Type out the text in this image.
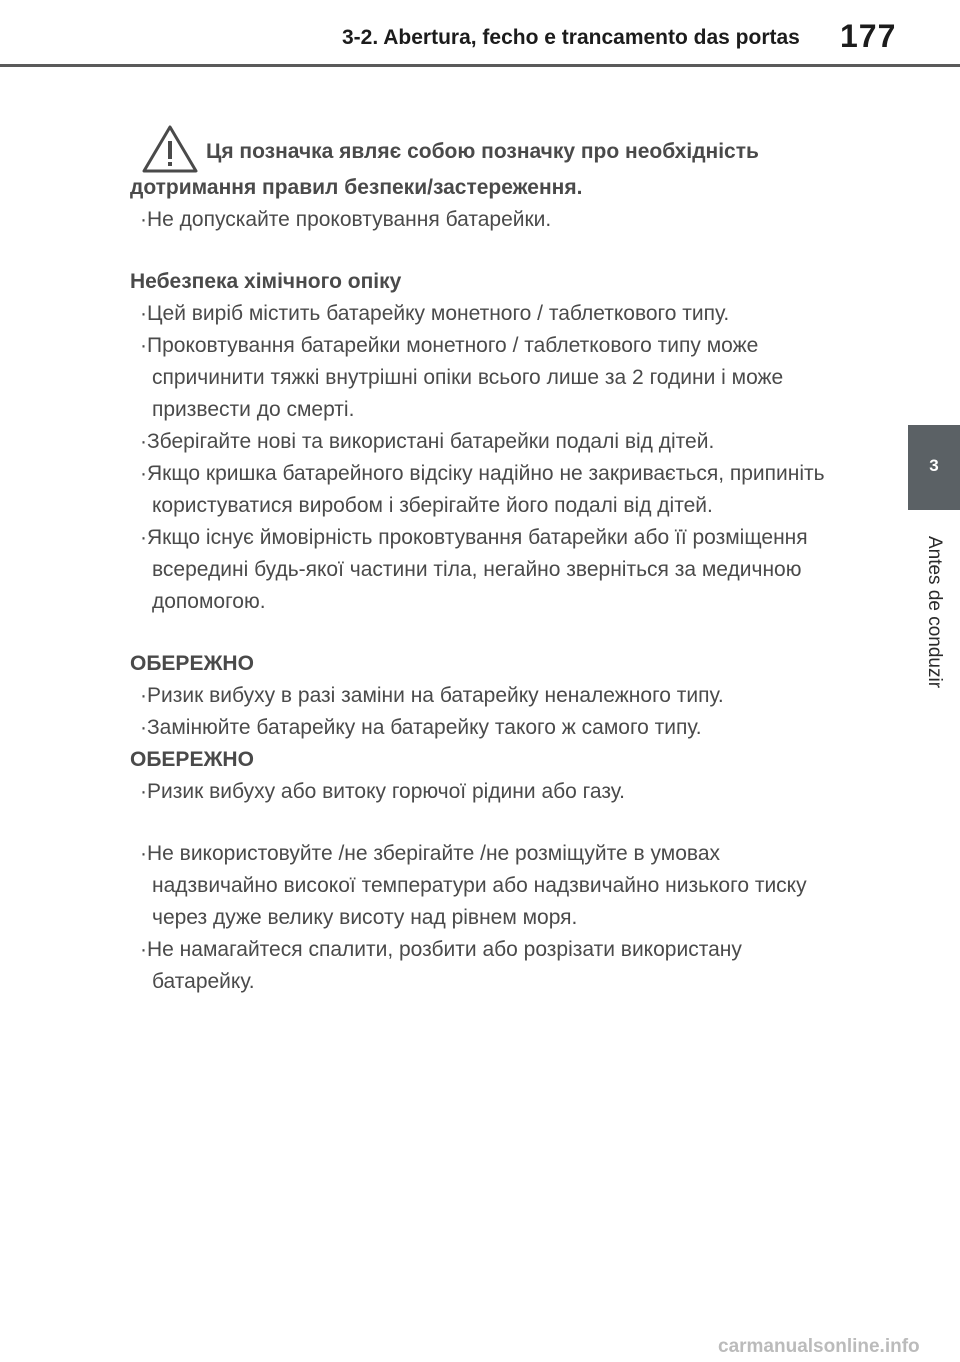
3-2. Abertura, fecho e trancamento das portas 177
3
Antes de conduzir
Ця позначка являє собою позначку про необхідність
дотримання правил безпеки/застереження.
·Не допускайте проковтування батарейки.
Небезпека хімічного опіку
·Цей виріб містить батарейку монетного / таблеткового типу.
·Проковтування батарейки монетного / таблеткового типу може спричинити тяжкі внутрішні опіки всього лише за 2 години і може призвести до смерті.
·Зберігайте нові та використані батарейки подалі від дітей.
·Якщо кришка батарейного відсіку надійно не закривається, припиніть користуватися виробом і зберігайте його подалі від дітей.
·Якщо існує ймовірність проковтування батарейки або її розміщення всередині будь-якої частини тіла, негайно зверніться за медичною допомогою.
ОБЕРЕЖНО
·Ризик вибуху в разі заміни на батарейку неналежного типу.
·Замінюйте батарейку на батарейку такого ж самого типу.
ОБЕРЕЖНО
·Ризик вибуху або витоку горючої рідини або газу.
·Не використовуйте /не зберігайте /не розміщуйте в умовах надзвичайно високої температури або надзвичайно низького тиску через дуже велику висоту над рівнем моря.
·Не намагайтеся спалити, розбити або розрізати використану батарейку.
carmanualsonline.info
